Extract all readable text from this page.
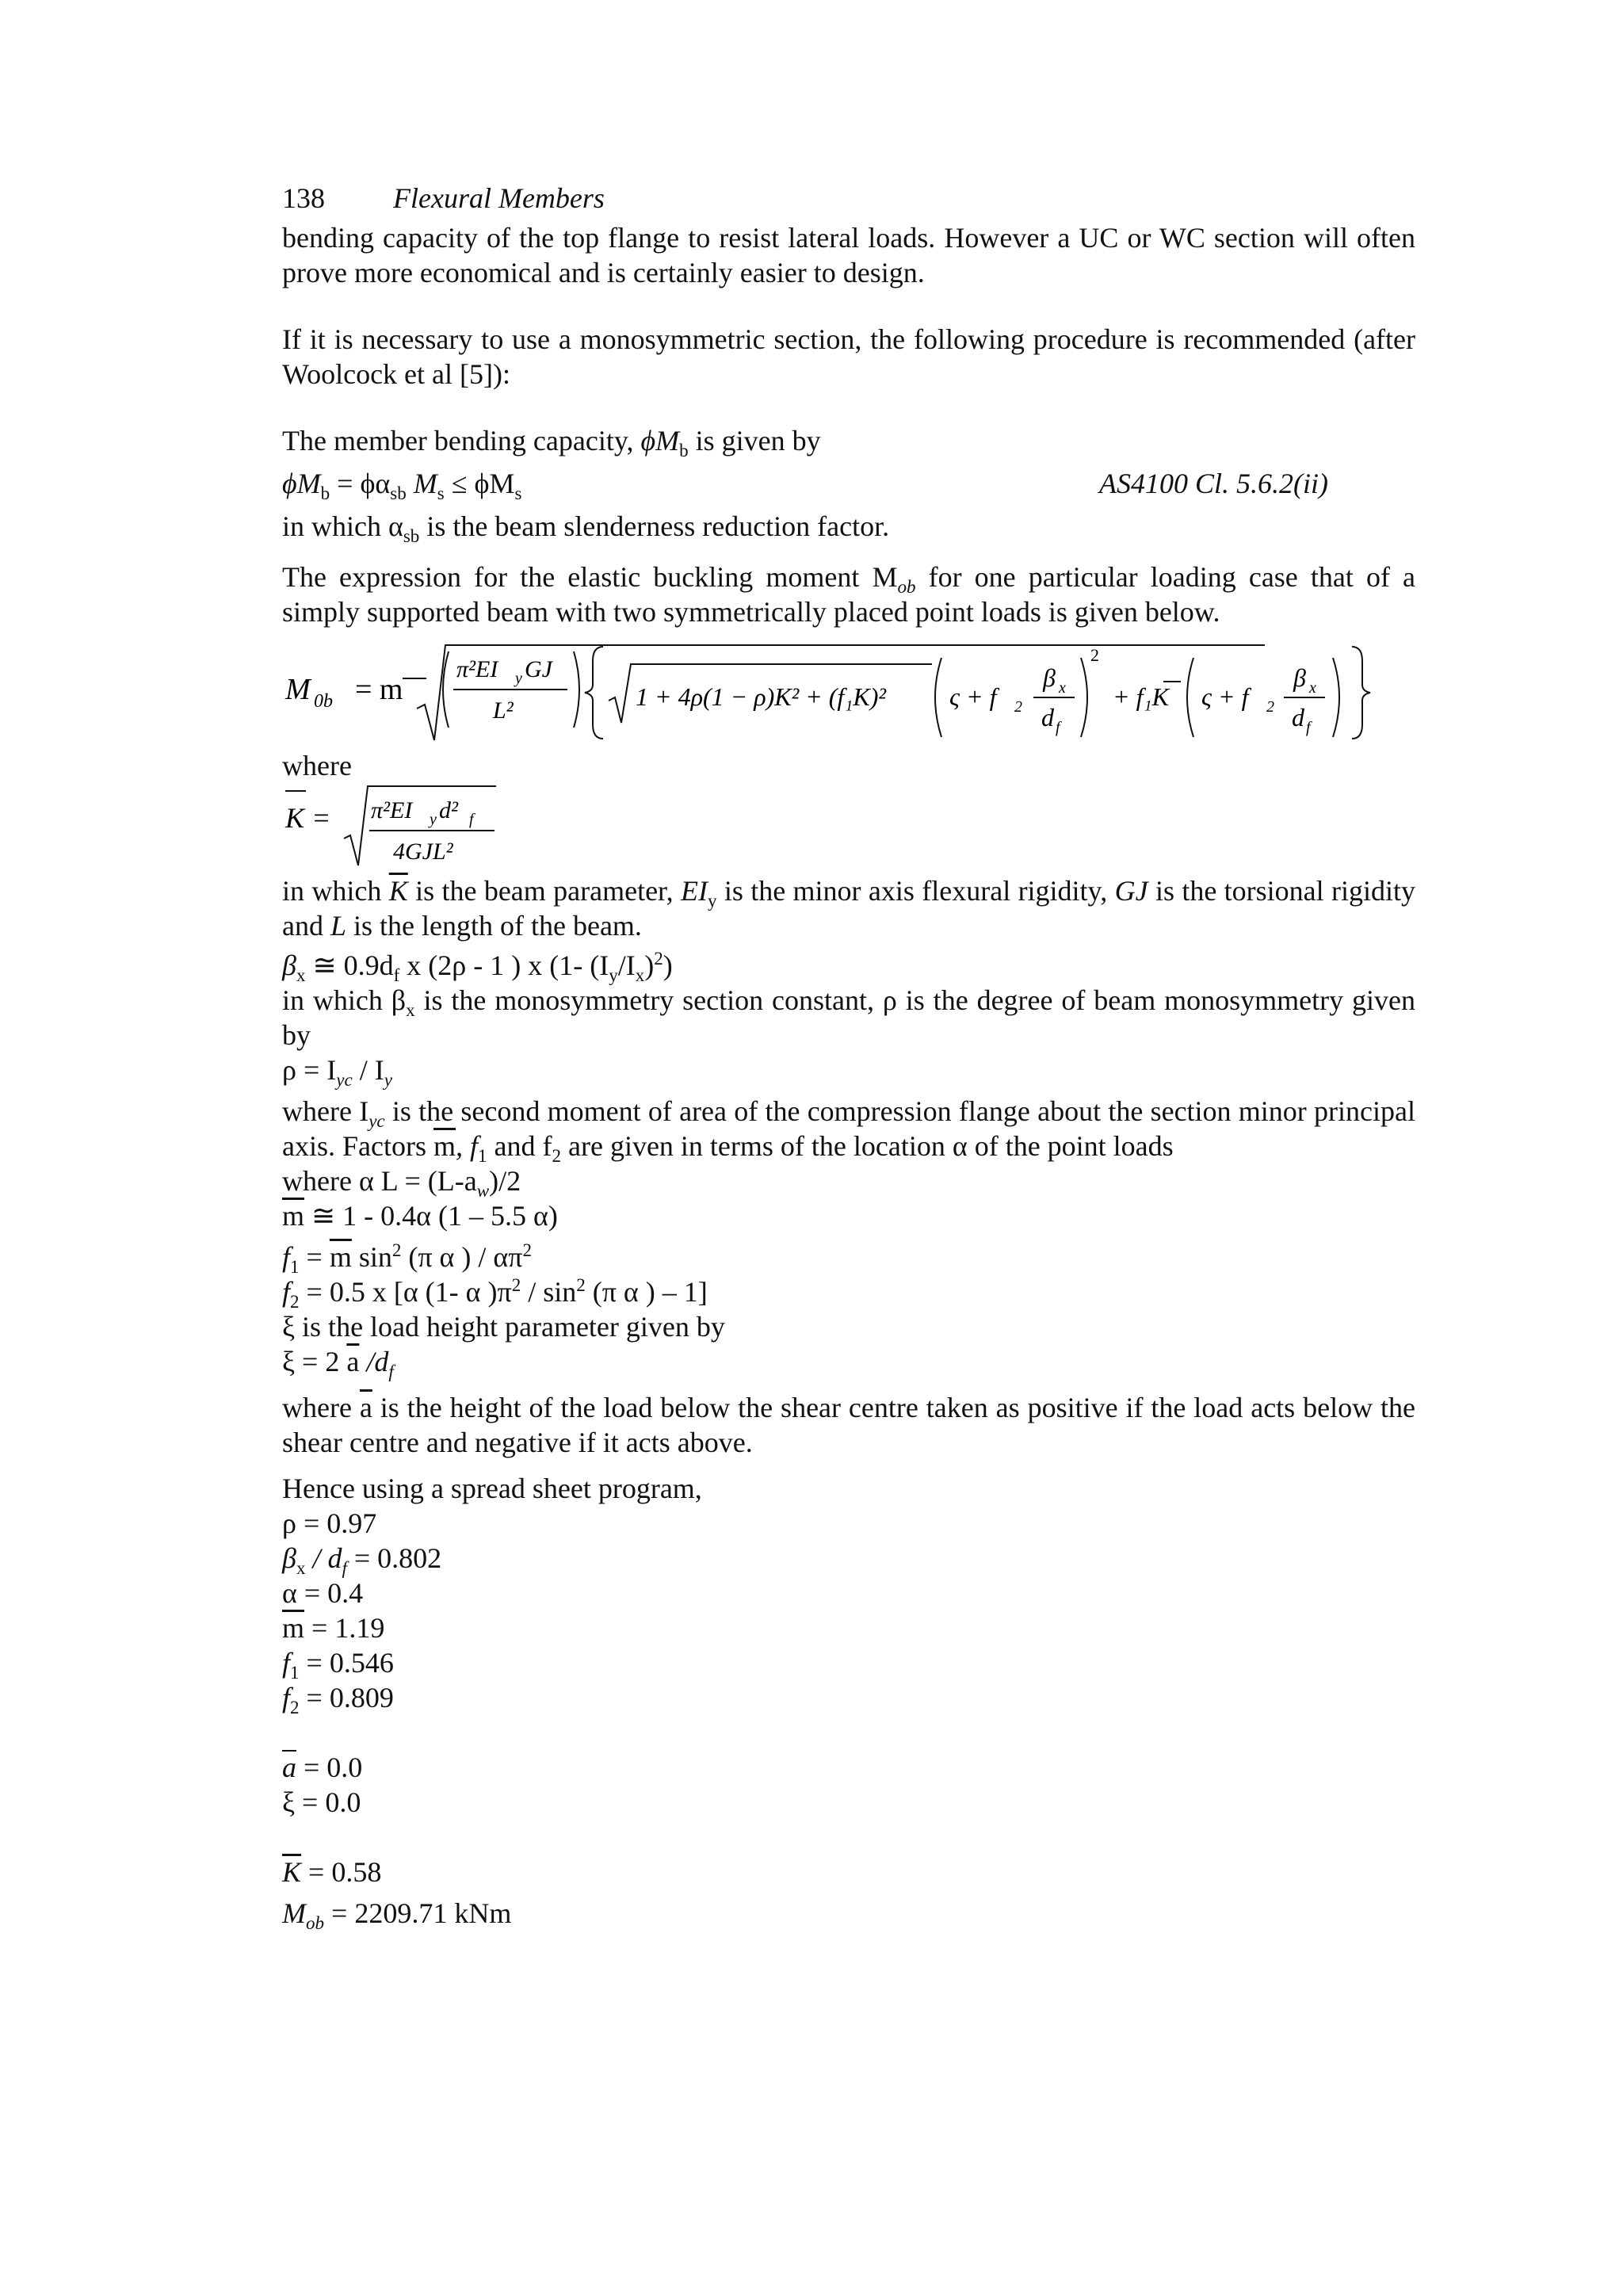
138 Flexural Members

bending capacity of the top flange to resist lateral loads. However a UC or WC section will often prove more economical and is certainly easier to design.

If it is necessary to use a monosymmetric section, the following procedure is recommended (after Woolcock et al [5]):

The member bending capacity, $\phi M_b$ is given by

$\phi M_b = \phi\alpha_{sb}$ $M_s \le \phi M_s$	AS4100 Cl. 5.6.2(ii)

in which $\alpha_{sb}$ is the beam slenderness reduction factor.

The expression for the elastic buckling moment $M_{ob}$ for one particular loading case that of a simply supported beam with two symmetrically placed point loads is given below.

M 0b = m
π²EI y GJ
L²	1 + 4ρ(1 − ρ)K² + (f₁K)² ς + f 2
β x
d f
2
+ f₁K ς + f 2
β x
d f

where

K = π²EI y d² f
4GJL²

in which $\overline{K}$ is the beam parameter, $EI_y$ is the minor axis flexural rigidity, GJ is the torsional rigidity and L is the length of the beam.

$\beta_x$ ≅ $0.9d_f$ x (2ρ - 1 ) x (1- $(I_y/I_x)^2$)

in which $\beta_x$ is the monosymmetry section constant, ρ is the degree of beam monosymmetry given by

$\rho = I_{yc} / I_y$

where $I_{yc}$ is the second moment of area of the compression flange about the section minor principal axis. Factors $\overline{m}$, $f_1$ and $f_2$ are given in terms of the location α of the point loads

where α $L = (L-a_w)/2$

$\overline{m}$ ≅ 1 - 0.4α (1 – 5.5 α)

$f_1 = \overline{m}$ $\sin^2 (\pi$ α ) / $\alpha\pi^2$

$f_2 = 0.5$ x [α (1- α )$\pi^2 / \sin^2 (\pi$ α ) – 1]

ξ is the load height parameter given by

ξ = 2 $\overline{a}$ $/d_f$

where $\overline{a}$ is the height of the load below the shear centre taken as positive if the load acts below the shear centre and negative if it acts above.

Hence using a spread sheet program,

ρ = 0.97

$\beta_x / d_f = 0.802$

α = 0.4

$\overline{m} = 1.19$

$f_1 = 0.546$

$f_2 = 0.809$

$\overline{a} = 0.0$

ξ = 0.0

$\overline{K} = 0.58$

$M_{ob} = 2209.71$ kNm
